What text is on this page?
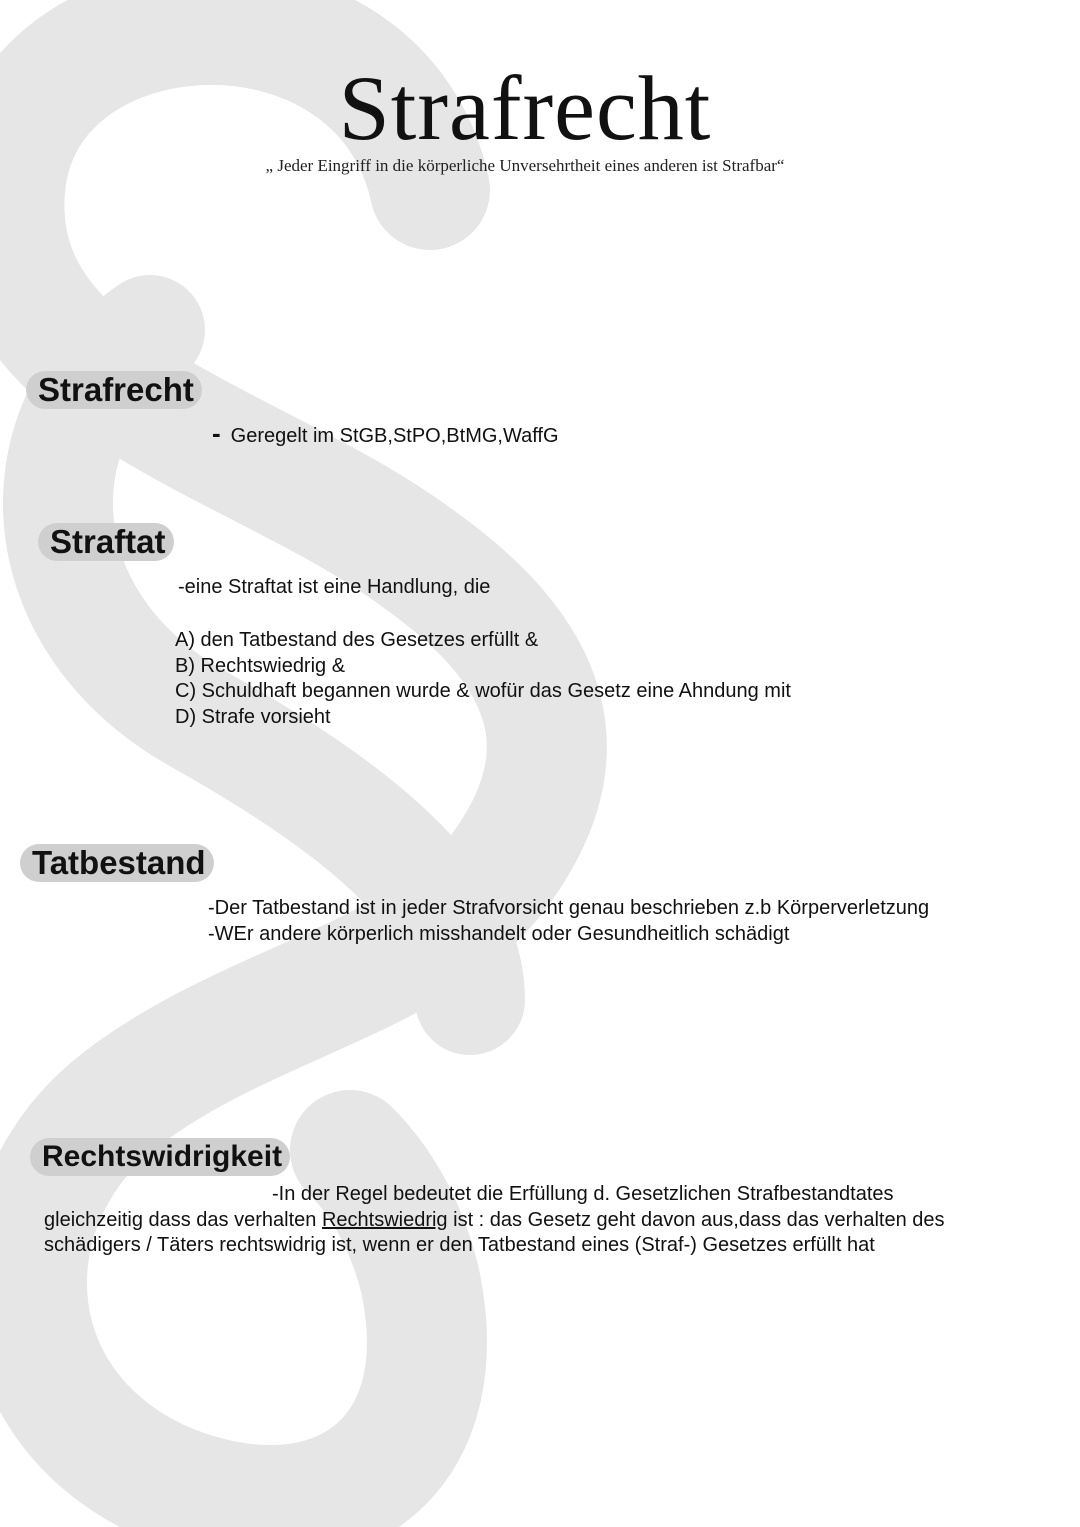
Strafrecht
„ Jeder Eingriff in die körperliche Unversehrtheit eines anderen ist Strafbar“
Strafrecht
- Geregelt im StGB,StPO,BtMG,WaffG
Straftat
-eine Straftat ist eine Handlung, die
A) den Tatbestand des Gesetzes erfüllt &
B) Rechtswiedrig &
C) Schuldhaft begannen wurde & wofür das Gesetz eine Ahndung mit
D) Strafe vorsieht
Tatbestand
-Der Tatbestand ist in jeder Strafvorsicht genau beschrieben z.b Körperverletzung
-WEr andere körperlich misshandelt oder Gesundheitlich schädigt
Rechtswidrigkeit
-In der Regel bedeutet die Erfüllung d. Gesetzlichen Strafbestandtates
gleichzeitig dass das verhalten Rechtswiedrig ist : das Gesetz geht davon aus,dass das verhalten des
schädigers / Täters rechtswidrig ist, wenn er den Tatbestand eines (Straf-) Gesetzes erfüllt hat
